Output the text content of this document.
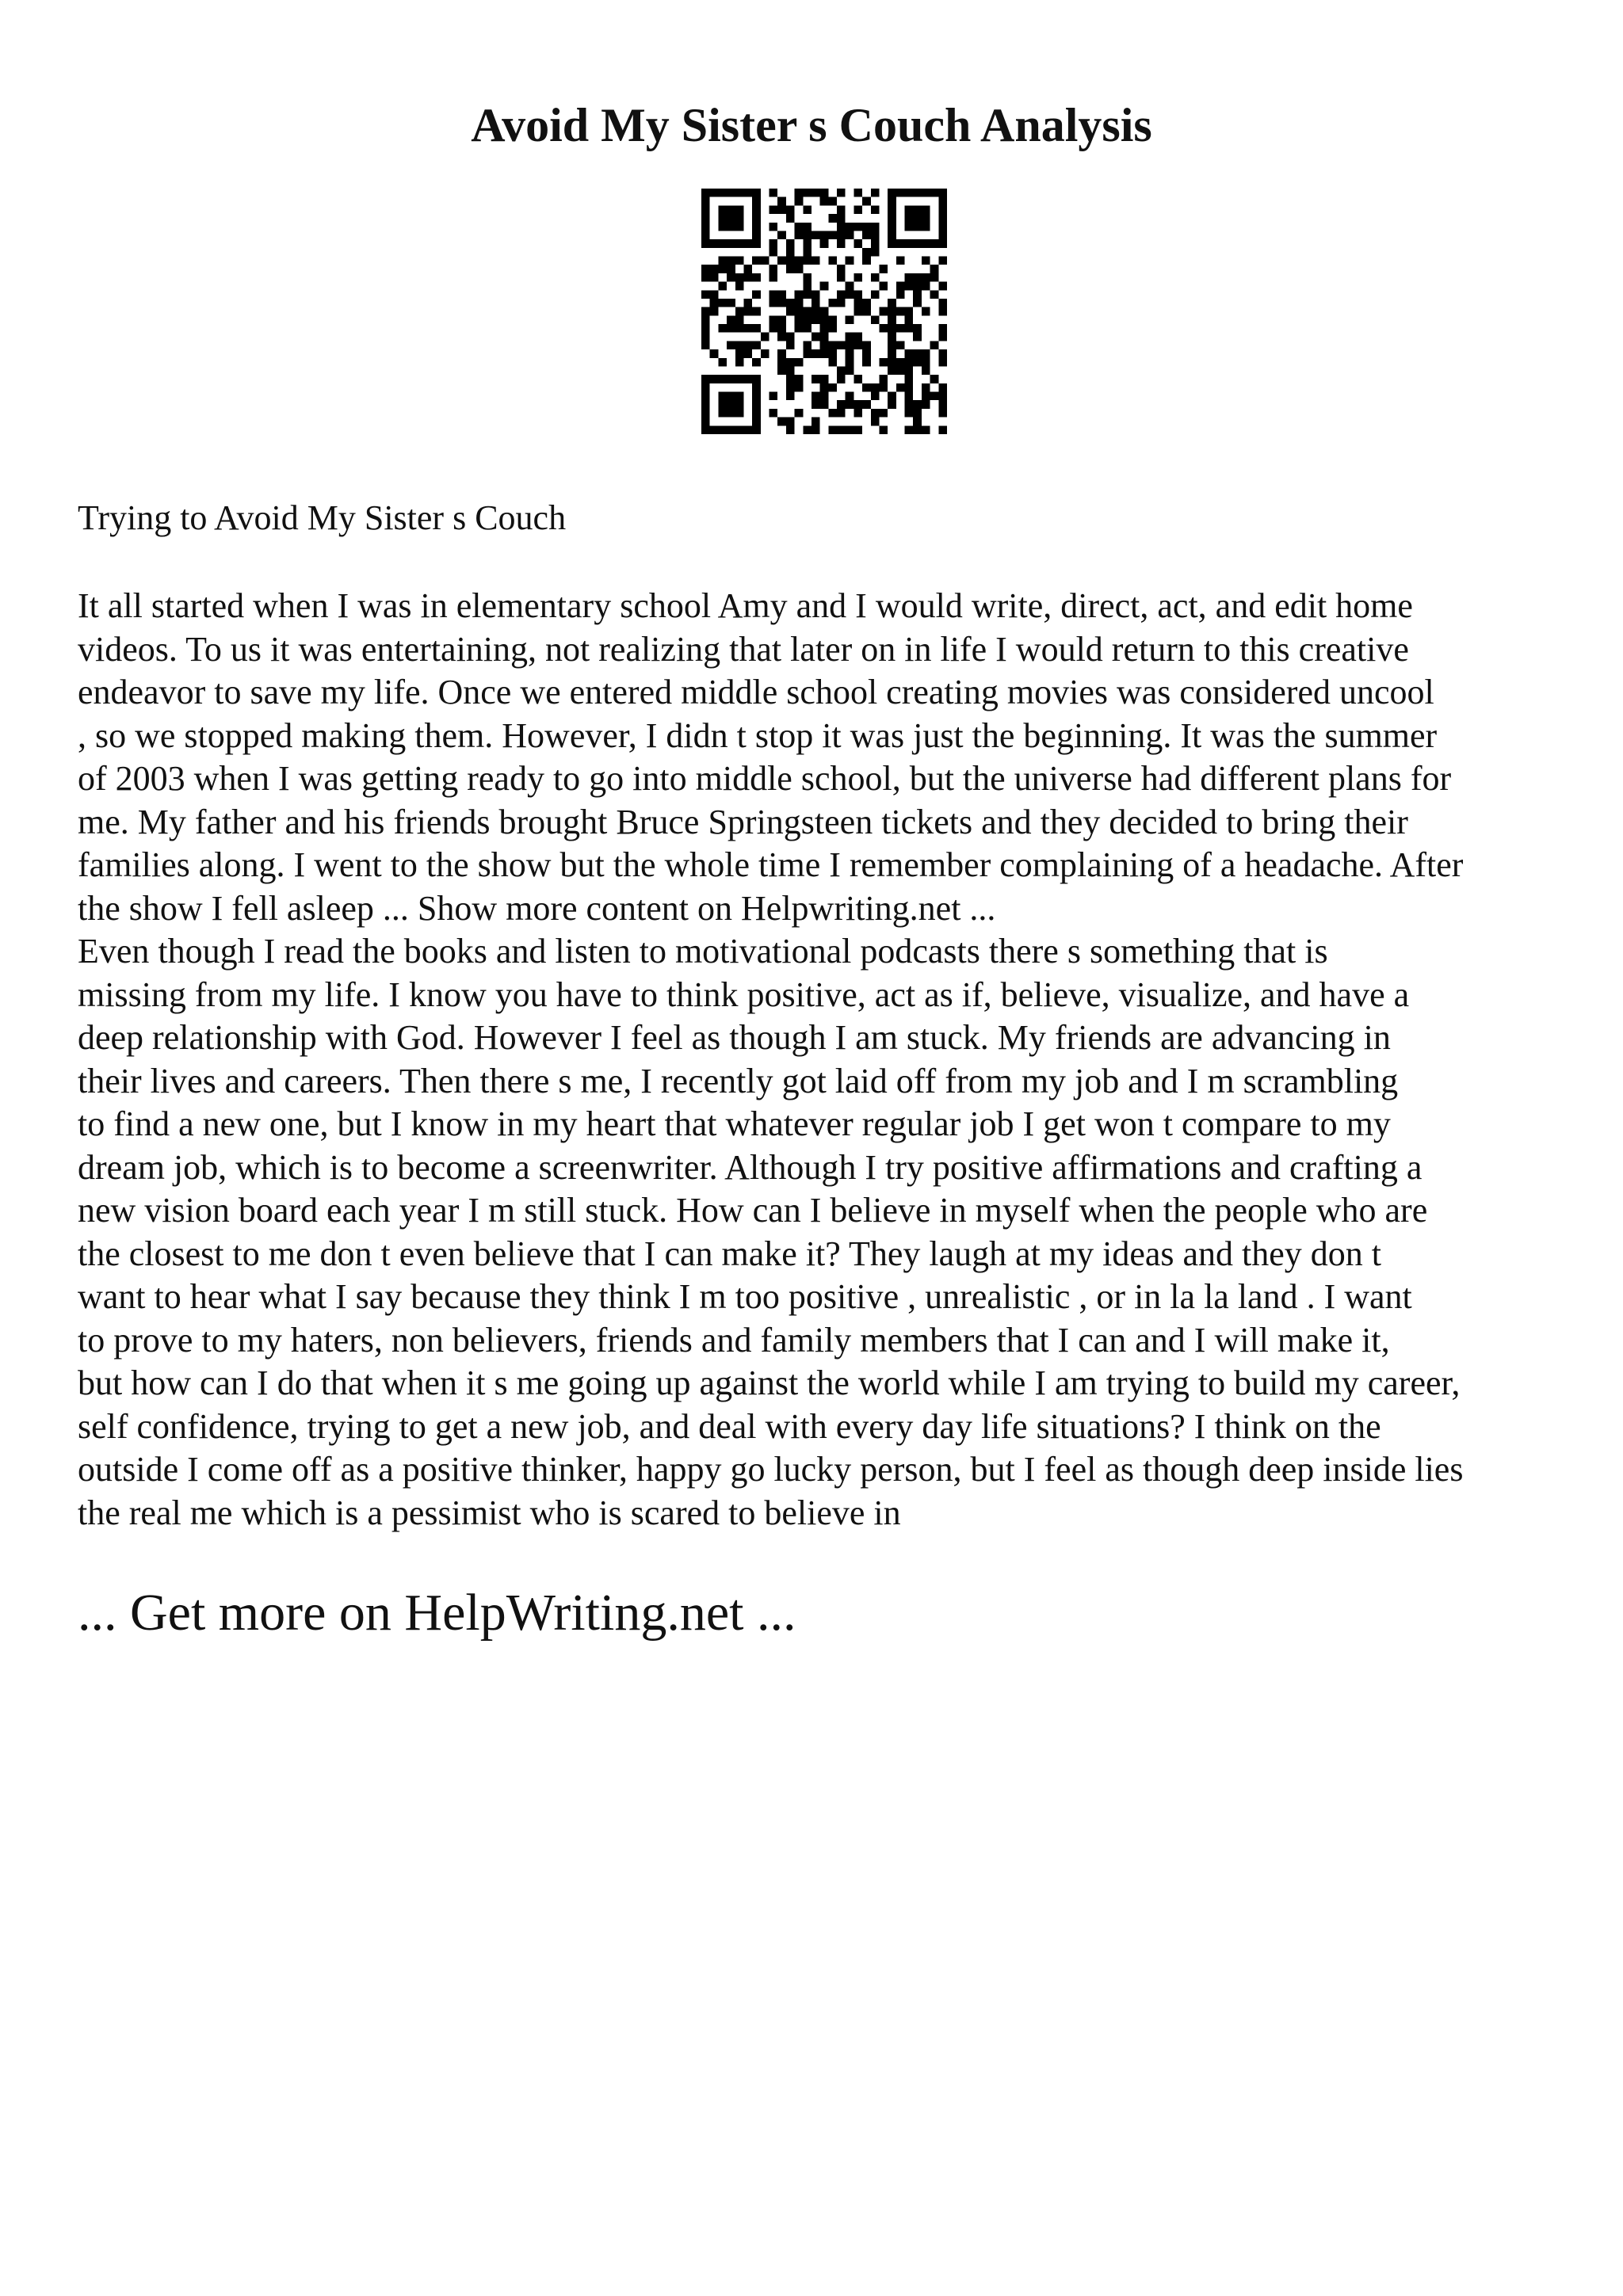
Avoid My Sister s Couch Analysis

Trying to Avoid My Sister s Couch

It all started when I was in elementary school Amy and I would write, direct, act, and edit home
videos. To us it was entertaining, not realizing that later on in life I would return to this creative
endeavor to save my life. Once we entered middle school creating movies was considered uncool
, so we stopped making them. However, I didn t stop it was just the beginning. It was the summer
of 2003 when I was getting ready to go into middle school, but the universe had different plans for
me. My father and his friends brought Bruce Springsteen tickets and they decided to bring their
families along. I went to the show but the whole time I remember complaining of a headache. After
the show I fell asleep ... Show more content on Helpwriting.net ...
Even though I read the books and listen to motivational podcasts there s something that is
missing from my life. I know you have to think positive, act as if, believe, visualize, and have a
deep relationship with God. However I feel as though I am stuck. My friends are advancing in
their lives and careers. Then there s me, I recently got laid off from my job and I m scrambling
to find a new one, but I know in my heart that whatever regular job I get won t compare to my
dream job, which is to become a screenwriter. Although I try positive affirmations and crafting a
new vision board each year I m still stuck. How can I believe in myself when the people who are
the closest to me don t even believe that I can make it? They laugh at my ideas and they don t
want to hear what I say because they think I m too positive , unrealistic , or in la la land . I want
to prove to my haters, non believers, friends and family members that I can and I will make it,
but how can I do that when it s me going up against the world while I am trying to build my career,
self confidence, trying to get a new job, and deal with every day life situations? I think on the
outside I come off as a positive thinker, happy go lucky person, but I feel as though deep inside lies
the real me which is a pessimist who is scared to believe in

... Get more on HelpWriting.net ...
